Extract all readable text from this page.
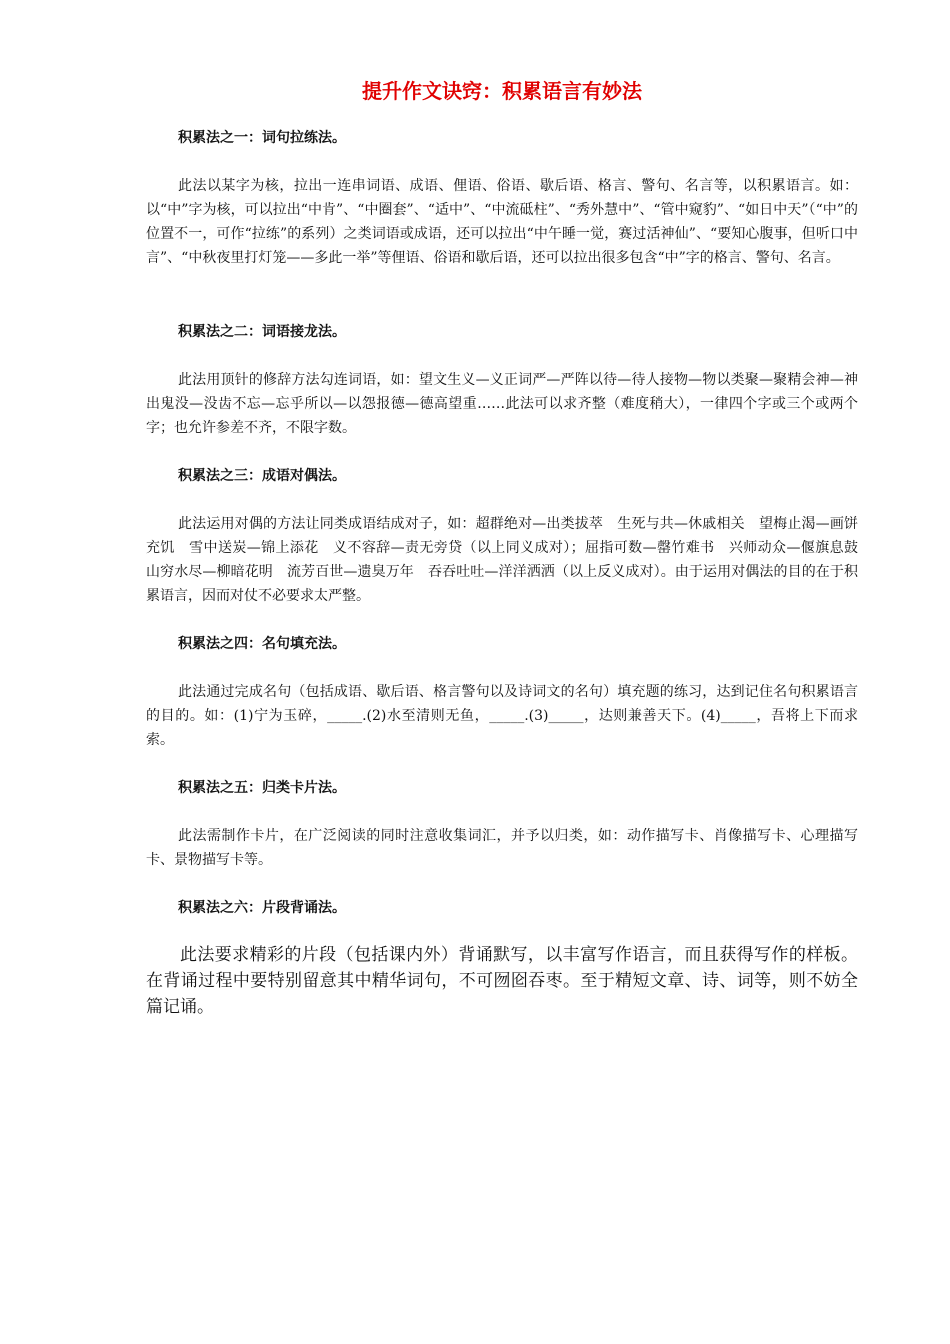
提升作文诀窍：积累语言有妙法
积累法之一：词句拉练法。

此法以某字为核，拉出一连串词语、成语、俚语、俗语、歇后语、格言、警句、名言等，以积累语言。如：以“中”字为核，可以拉出“中肯”、“中圈套”、“适中”、“中流砥柱”、“秀外慧中”、“管中窥豹”、“如日中天”（“中”的位置不一，可作“拉练”的系列）之类词语或成语，还可以拉出“中午睡一觉，赛过活神仙”、“要知心腹事，但听口中言”、“中秋夜里打灯笼——多此一举”等俚语、俗语和歇后语，还可以拉出很多包含“中”字的格言、警句、名言。

积累法之二：词语接龙法。

此法用顶针的修辞方法勾连词语，如：望文生义—义正词严—严阵以待—待人接物—物以类聚—聚精会神—神出鬼没—没齿不忘—忘乎所以—以怨报德—德高望重……此法可以求齐整（难度稍大），一律四个字或三个或两个字；也允许参差不齐，不限字数。

积累法之三：成语对偶法。

此法运用对偶的方法让同类成语结成对子，如：超群绝对—出类拔萃　生死与共—休戚相关　望梅止渴—画饼充饥　雪中送炭—锦上添花　义不容辞—责无旁贷（以上同义成对）；屈指可数—罄竹难书　兴师动众—偃旗息鼓　山穷水尽—柳暗花明　流芳百世—遗臭万年　吞吞吐吐—洋洋洒洒（以上反义成对）。由于运用对偶法的目的在于积累语言，因而对仗不必要求太严整。

积累法之四：名句填充法。

此法通过完成名句（包括成语、歇后语、格言警句以及诗词文的名句）填充题的练习，达到记住名句积累语言的目的。如：(1)宁为玉碎，_____.(2)水至清则无鱼，_____.(3)_____，达则兼善天下。(4)_____，吾将上下而求索。

积累法之五：归类卡片法。

此法需制作卡片，在广泛阅读的同时注意收集词汇，并予以归类，如：动作描写卡、肖像描写卡、心理描写卡、景物描写卡等。

积累法之六：片段背诵法。

此法要求精彩的片段（包括课内外）背诵默写，以丰富写作语言，而且获得写作的样板。在背诵过程中要特别留意其中精华词句，不可囫囵吞枣。至于精短文章、诗、词等，则不妨全篇记诵。
